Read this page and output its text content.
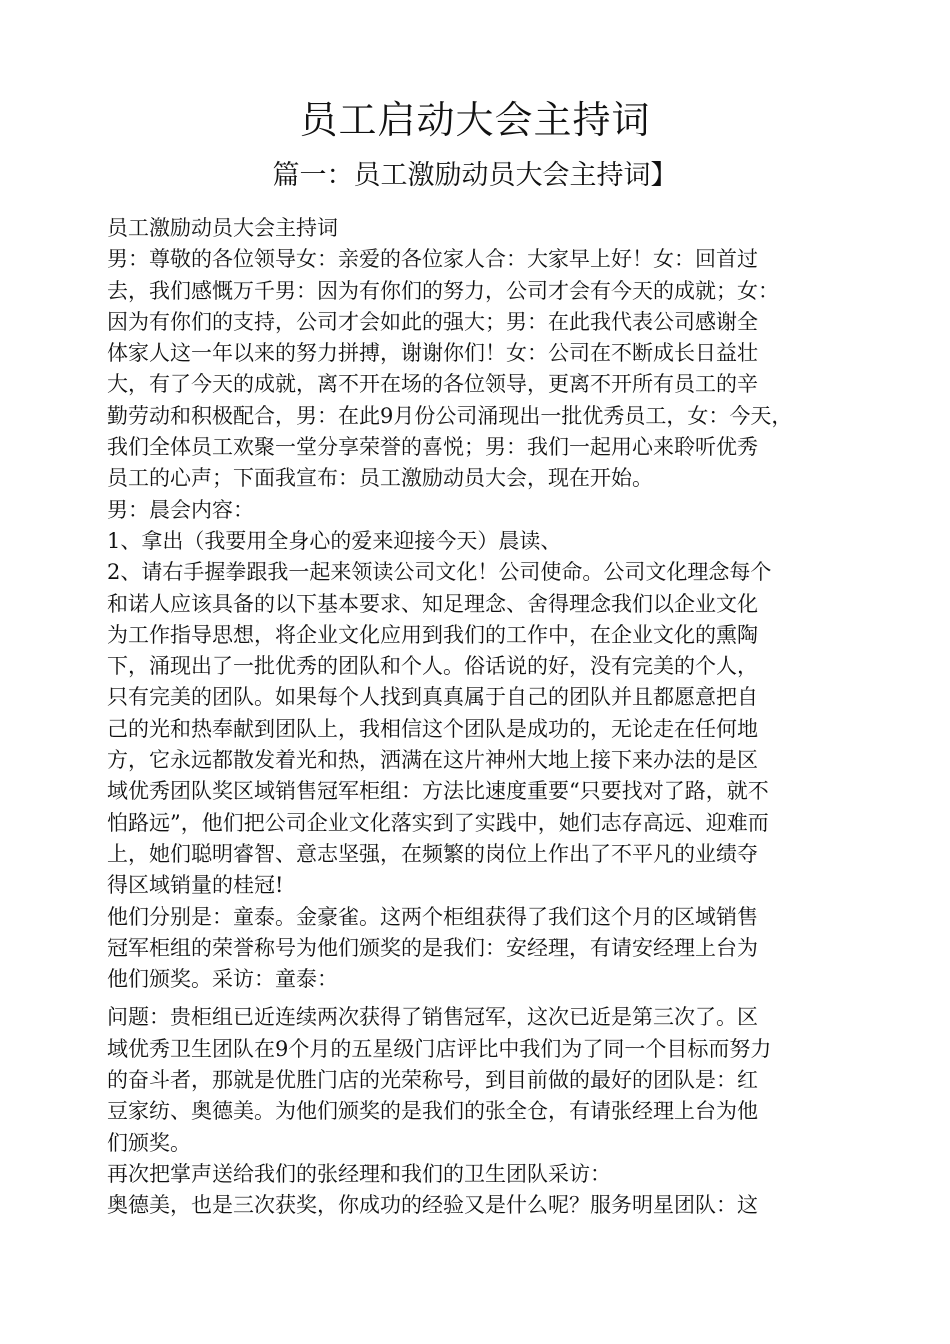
员工启动大会主持词
篇一：员工激励动员大会主持词】
员工激励动员大会主持词
男：尊敬的各位领导女：亲爱的各位家人合：大家早上好！女：回首过
去，我们感慨万千男：因为有你们的努力，公司才会有今天的成就；女：
因为有你们的支持，公司才会如此的强大；男：在此我代表公司感谢全
体家人这一年以来的努力拼搏，谢谢你们！女：公司在不断成长日益壮
大，有了今天的成就，离不开在场的各位领导，更离不开所有员工的辛
勤劳动和积极配合，男：在此9月份公司涌现出一批优秀员工，女：今天，
我们全体员工欢聚一堂分享荣誉的喜悦；男：我们一起用心来聆听优秀
员工的心声；下面我宣布：员工激励动员大会，现在开始。
男：晨会内容：
1、拿出（我要用全身心的爱来迎接今天）晨读、
2、请右手握拳跟我一起来领读公司文化！公司使命。公司文化理念每个
和诺人应该具备的以下基本要求、知足理念、舍得理念我们以企业文化
为工作指导思想，将企业文化应用到我们的工作中，在企业文化的熏陶
下，涌现出了一批优秀的团队和个人。俗话说的好，没有完美的个人，
只有完美的团队。如果每个人找到真真属于自己的团队并且都愿意把自
己的光和热奉献到团队上，我相信这个团队是成功的，无论走在任何地
方，它永远都散发着光和热，洒满在这片神州大地上接下来办法的是区
域优秀团队奖区域销售冠军柜组：方法比速度重要“只要找对了路，就不
怕路远”，他们把公司企业文化落实到了实践中，她们志存高远、迎难而
上，她们聪明睿智、意志坚强，在频繁的岗位上作出了不平凡的业绩夺
得区域销量的桂冠!
他们分别是：童泰。金豪雀。这两个柜组获得了我们这个月的区域销售
冠军柜组的荣誉称号为他们颁奖的是我们：安经理，有请安经理上台为
他们颁奖。采访：童泰：
问题：贵柜组已近连续两次获得了销售冠军，这次已近是第三次了。区
域优秀卫生团队在9个月的五星级门店评比中我们为了同一个目标而努力
的奋斗者，那就是优胜门店的光荣称号，到目前做的最好的团队是：红
豆家纺、奥德美。为他们颁奖的是我们的张全仓，有请张经理上台为他
们颁奖。
再次把掌声送给我们的张经理和我们的卫生团队采访：
奥德美，也是三次获奖，你成功的经验又是什么呢？服务明星团队：这
